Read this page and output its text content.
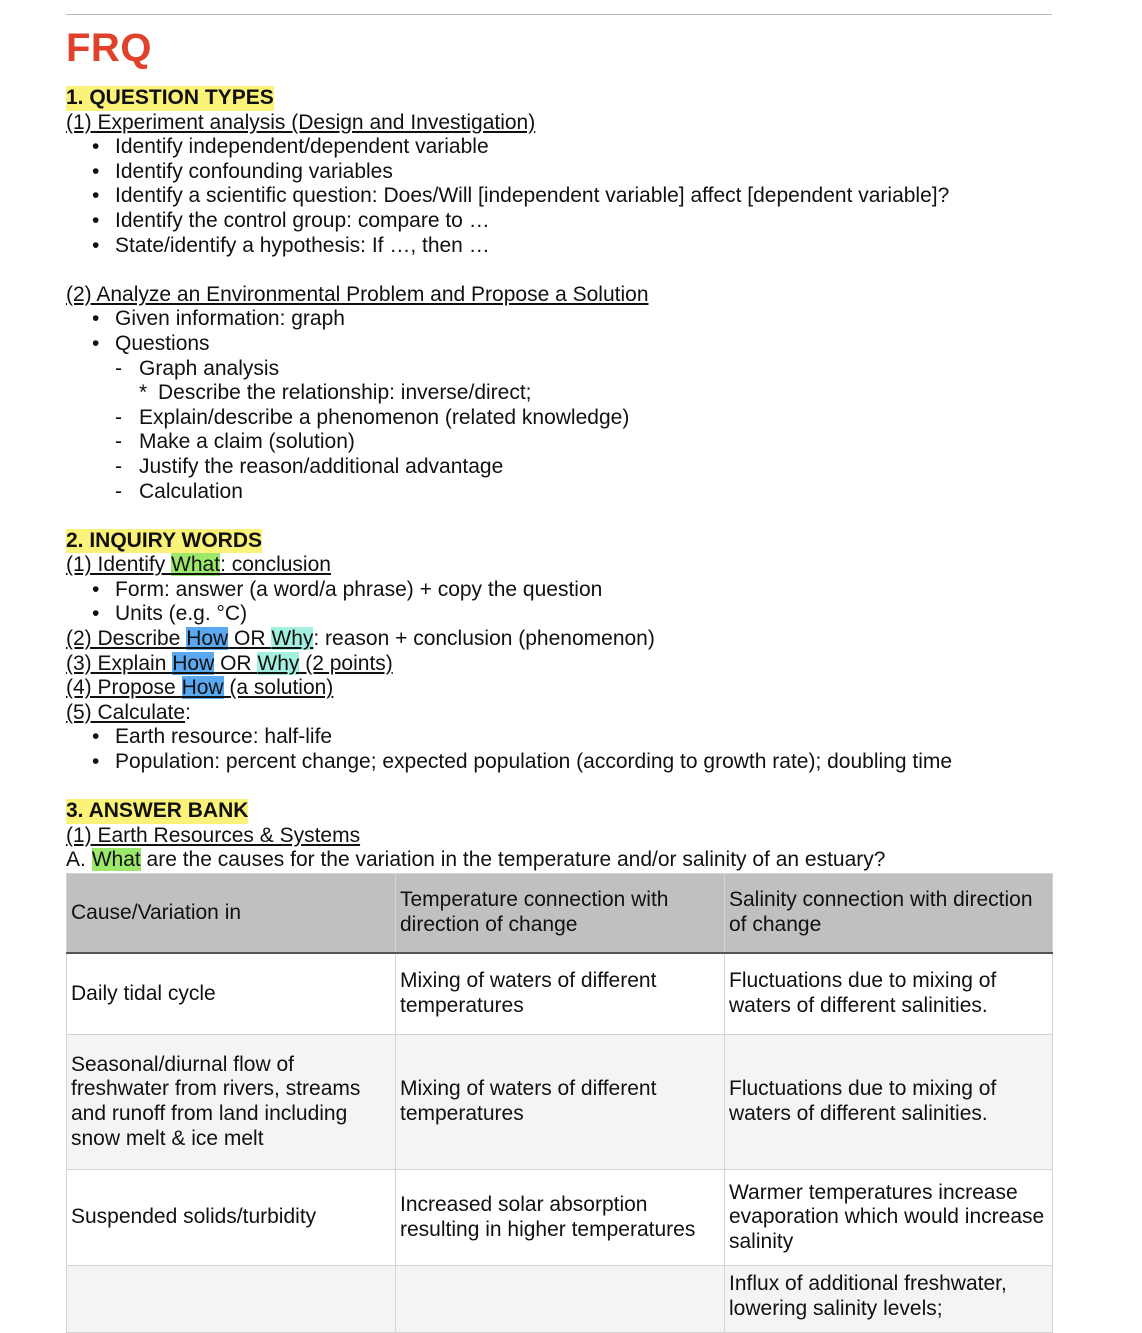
FRQ
1. QUESTION TYPES
(1) Experiment analysis (Design and Investigation)
• Identify independent/dependent variable
• Identify confounding variables
• Identify a scientific question: Does/Will [independent variable] affect [dependent variable]?
• Identify the control group: compare to …
• State/identify a hypothesis: If …, then …
(2) Analyze an Environmental Problem and Propose a Solution
• Given information: graph
• Questions
- Graph analysis
* Describe the relationship: inverse/direct;
- Explain/describe a phenomenon (related knowledge)
- Make a claim (solution)
- Justify the reason/additional advantage
- Calculation
2. INQUIRY WORDS
(1) Identify What: conclusion
• Form: answer (a word/a phrase) + copy the question
• Units (e.g. °C)
(2) Describe How OR Why: reason + conclusion (phenomenon)
(3) Explain How OR Why (2 points)
(4) Propose How (a solution)
(5) Calculate:
• Earth resource: half-life
• Population: percent change; expected population (according to growth rate); doubling time
3. ANSWER BANK
(1) Earth Resources & Systems
A. What are the causes for the variation in the temperature and/or salinity of an estuary?
Cause/Variation in	Temperature connection with direction of change	Salinity connection with direction of change
Daily tidal cycle	Mixing of waters of different temperatures	Fluctuations due to mixing of waters of different salinities.
Seasonal/diurnal flow of freshwater from rivers, streams and runoff from land including snow melt & ice melt	Mixing of waters of different temperatures	Fluctuations due to mixing of waters of different salinities.
Suspended solids/turbidity	Increased solar absorption resulting in higher temperatures	Warmer temperatures increase evaporation which would increase salinity
		Influx of additional freshwater, lowering salinity levels;
